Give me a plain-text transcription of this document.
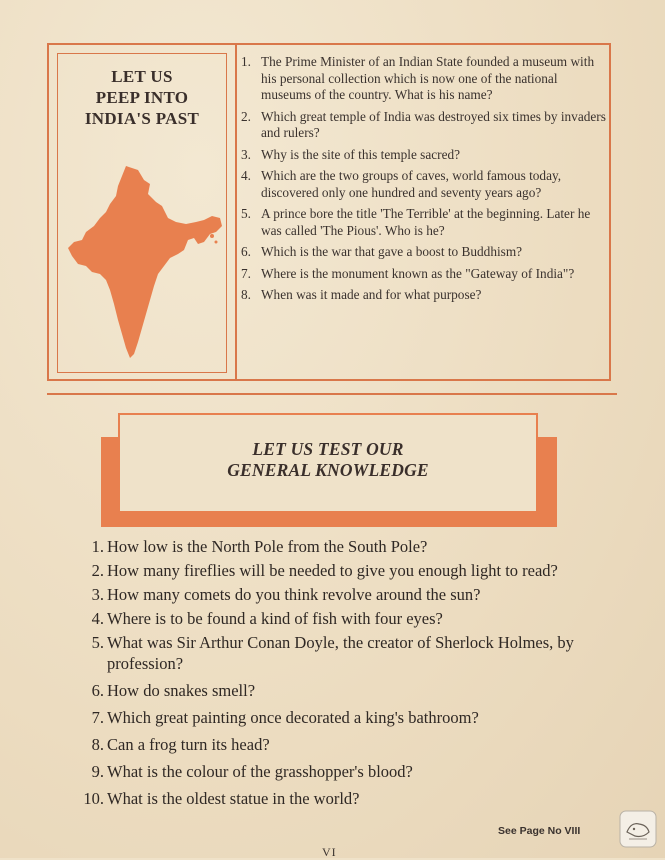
LET US
PEEP INTO
INDIA'S PAST
1. The Prime Minister of an Indian State founded a museum with his personal collection which is now one of the national museums of the country. What is his name?
2. Which great temple of India was destroyed six times by invaders and rulers?
3. Why is the site of this temple sacred?
4. Which are the two groups of caves, world famous today, discovered only one hundred and seventy years ago?
5. A prince bore the title 'The Terrible' at the beginning. Later he was called 'The Pious'. Who is he?
6. Which is the war that gave a boost to Buddhism?
7. Where is the monument known as the "Gateway of India"?
8. When was it made and for what purpose?
LET US TEST OUR
GENERAL KNOWLEDGE
1. How low is the North Pole from the South Pole?
2. How many fireflies will be needed to give you enough light to read?
3. How many comets do you think revolve around the sun?
4. Where is to be found a kind of fish with four eyes?
5. What was Sir Arthur Conan Doyle, the creator of Sherlock Holmes, by profession?
6. How do snakes smell?
7. Which great painting once decorated a king's bathroom?
8. Can a frog turn its head?
9. What is the colour of the grasshopper's blood?
10. What is the oldest statue in the world?
See Page No VIII
VI
